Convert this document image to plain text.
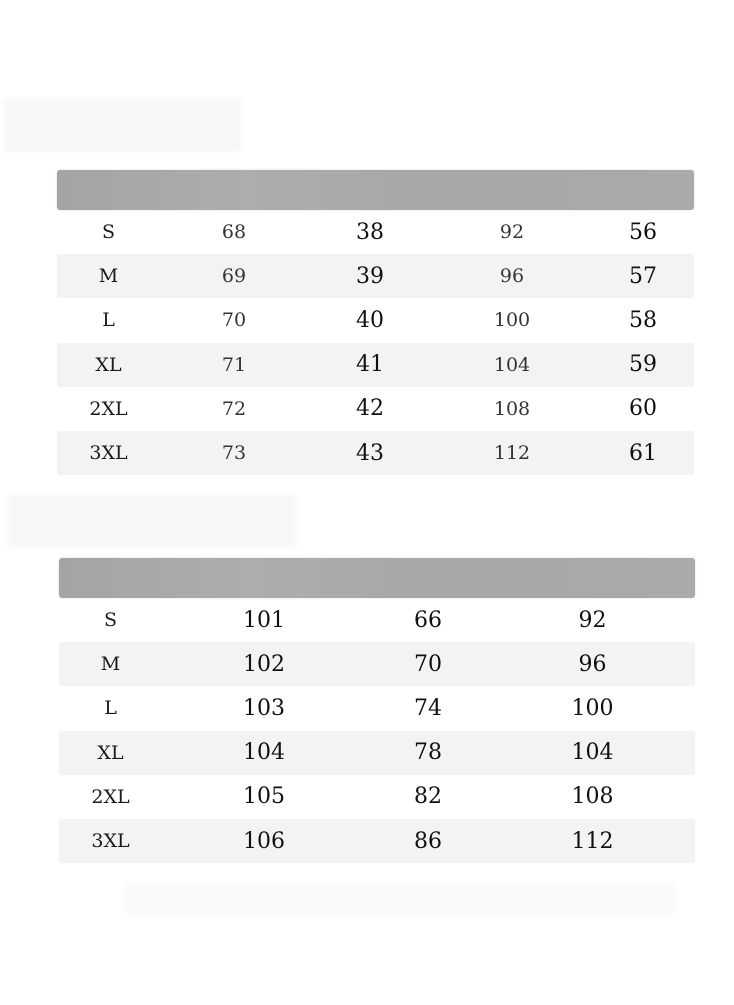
S	68	38	92	56
M	69	39	96	57
L	70	40	100	58
XL	71	41	104	59
2XL	72	42	108	60
3XL	73	43	112	61

S	101	66	92
M	102	70	96
L	103	74	100
XL	104	78	104
2XL	105	82	108
3XL	106	86	112
